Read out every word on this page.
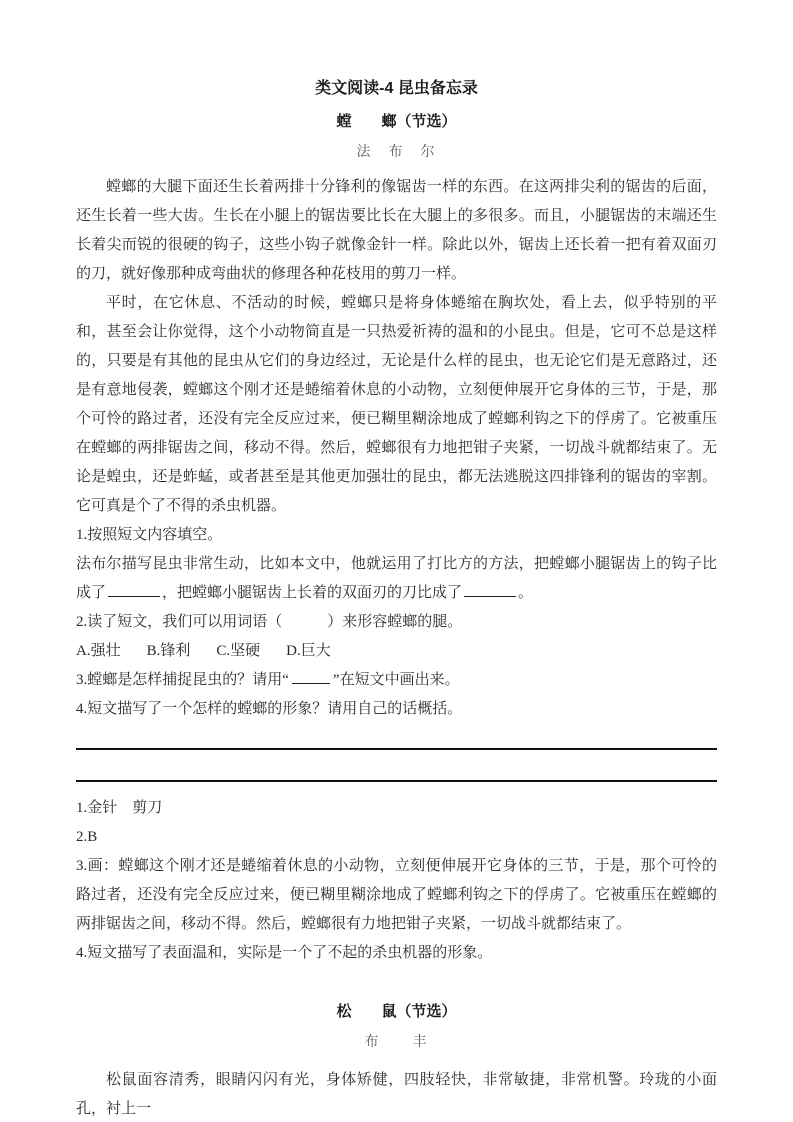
类文阅读-4 昆虫备忘录
螳　　螂（节选）
法　布　尔

螳螂的大腿下面还生长着两排十分锋利的像锯齿一样的东西。在这两排尖利的锯齿的后面，还生长着一些大齿。生长在小腿上的锯齿要比长在大腿上的多很多。而且，小腿锯齿的末端还生长着尖而锐的很硬的钩子，这些小钩子就像金针一样。除此以外，锯齿上还长着一把有着双面刃的刀，就好像那种成弯曲状的修理各种花枝用的剪刀一样。

平时，在它休息、不活动的时候，螳螂只是将身体蜷缩在胸坎处，看上去，似乎特别的平和，甚至会让你觉得，这个小动物简直是一只热爱祈祷的温和的小昆虫。但是，它可不总是这样的，只要是有其他的昆虫从它们的身边经过，无论是什么样的昆虫，也无论它们是无意路过，还是有意地侵袭，螳螂这个刚才还是蜷缩着休息的小动物，立刻便伸展开它身体的三节，于是，那个可怜的路过者，还没有完全反应过来，便已糊里糊涂地成了螳螂利钩之下的俘虏了。它被重压在螳螂的两排锯齿之间，移动不得。然后，螳螂很有力地把钳子夹紧，一切战斗就都结束了。无论是蝗虫，还是蚱蜢，或者甚至是其他更加强壮的昆虫，都无法逃脱这四排锋利的锯齿的宰割。它可真是个了不得的杀虫机器。

1.按照短文内容填空。

法布尔描写昆虫非常生动，比如本文中，他就运用了打比方的方法，把螳螂小腿锯齿上的钩子比成了	，把螳螂小腿锯齿上长着的双面刃的刀比成了	。

2.读了短文，我们可以用词语（　　　）来形容螳螂的腿。

A.强壮 B.锋利 C.坚硬 D.巨大

3.螳螂是怎样捕捉昆虫的？请用“	”在短文中画出来。

4.短文描写了一个怎样的螳螂的形象？请用自己的话概括。

1.金针　剪刀

2.B

3.画：螳螂这个刚才还是蜷缩着休息的小动物，立刻便伸展开它身体的三节，于是，那个可怜的路过者，还没有完全反应过来，便已糊里糊涂地成了螳螂利钩之下的俘虏了。它被重压在螳螂的两排锯齿之间，移动不得。然后，螳螂很有力地把钳子夹紧，一切战斗就都结束了。

4.短文描写了表面温和，实际是一个了不起的杀虫机器的形象。

松　　鼠（节选）
布　　丰

松鼠面容清秀，眼睛闪闪有光，身体矫健，四肢轻快，非常敏捷，非常机警。玲珑的小面孔，衬上一
